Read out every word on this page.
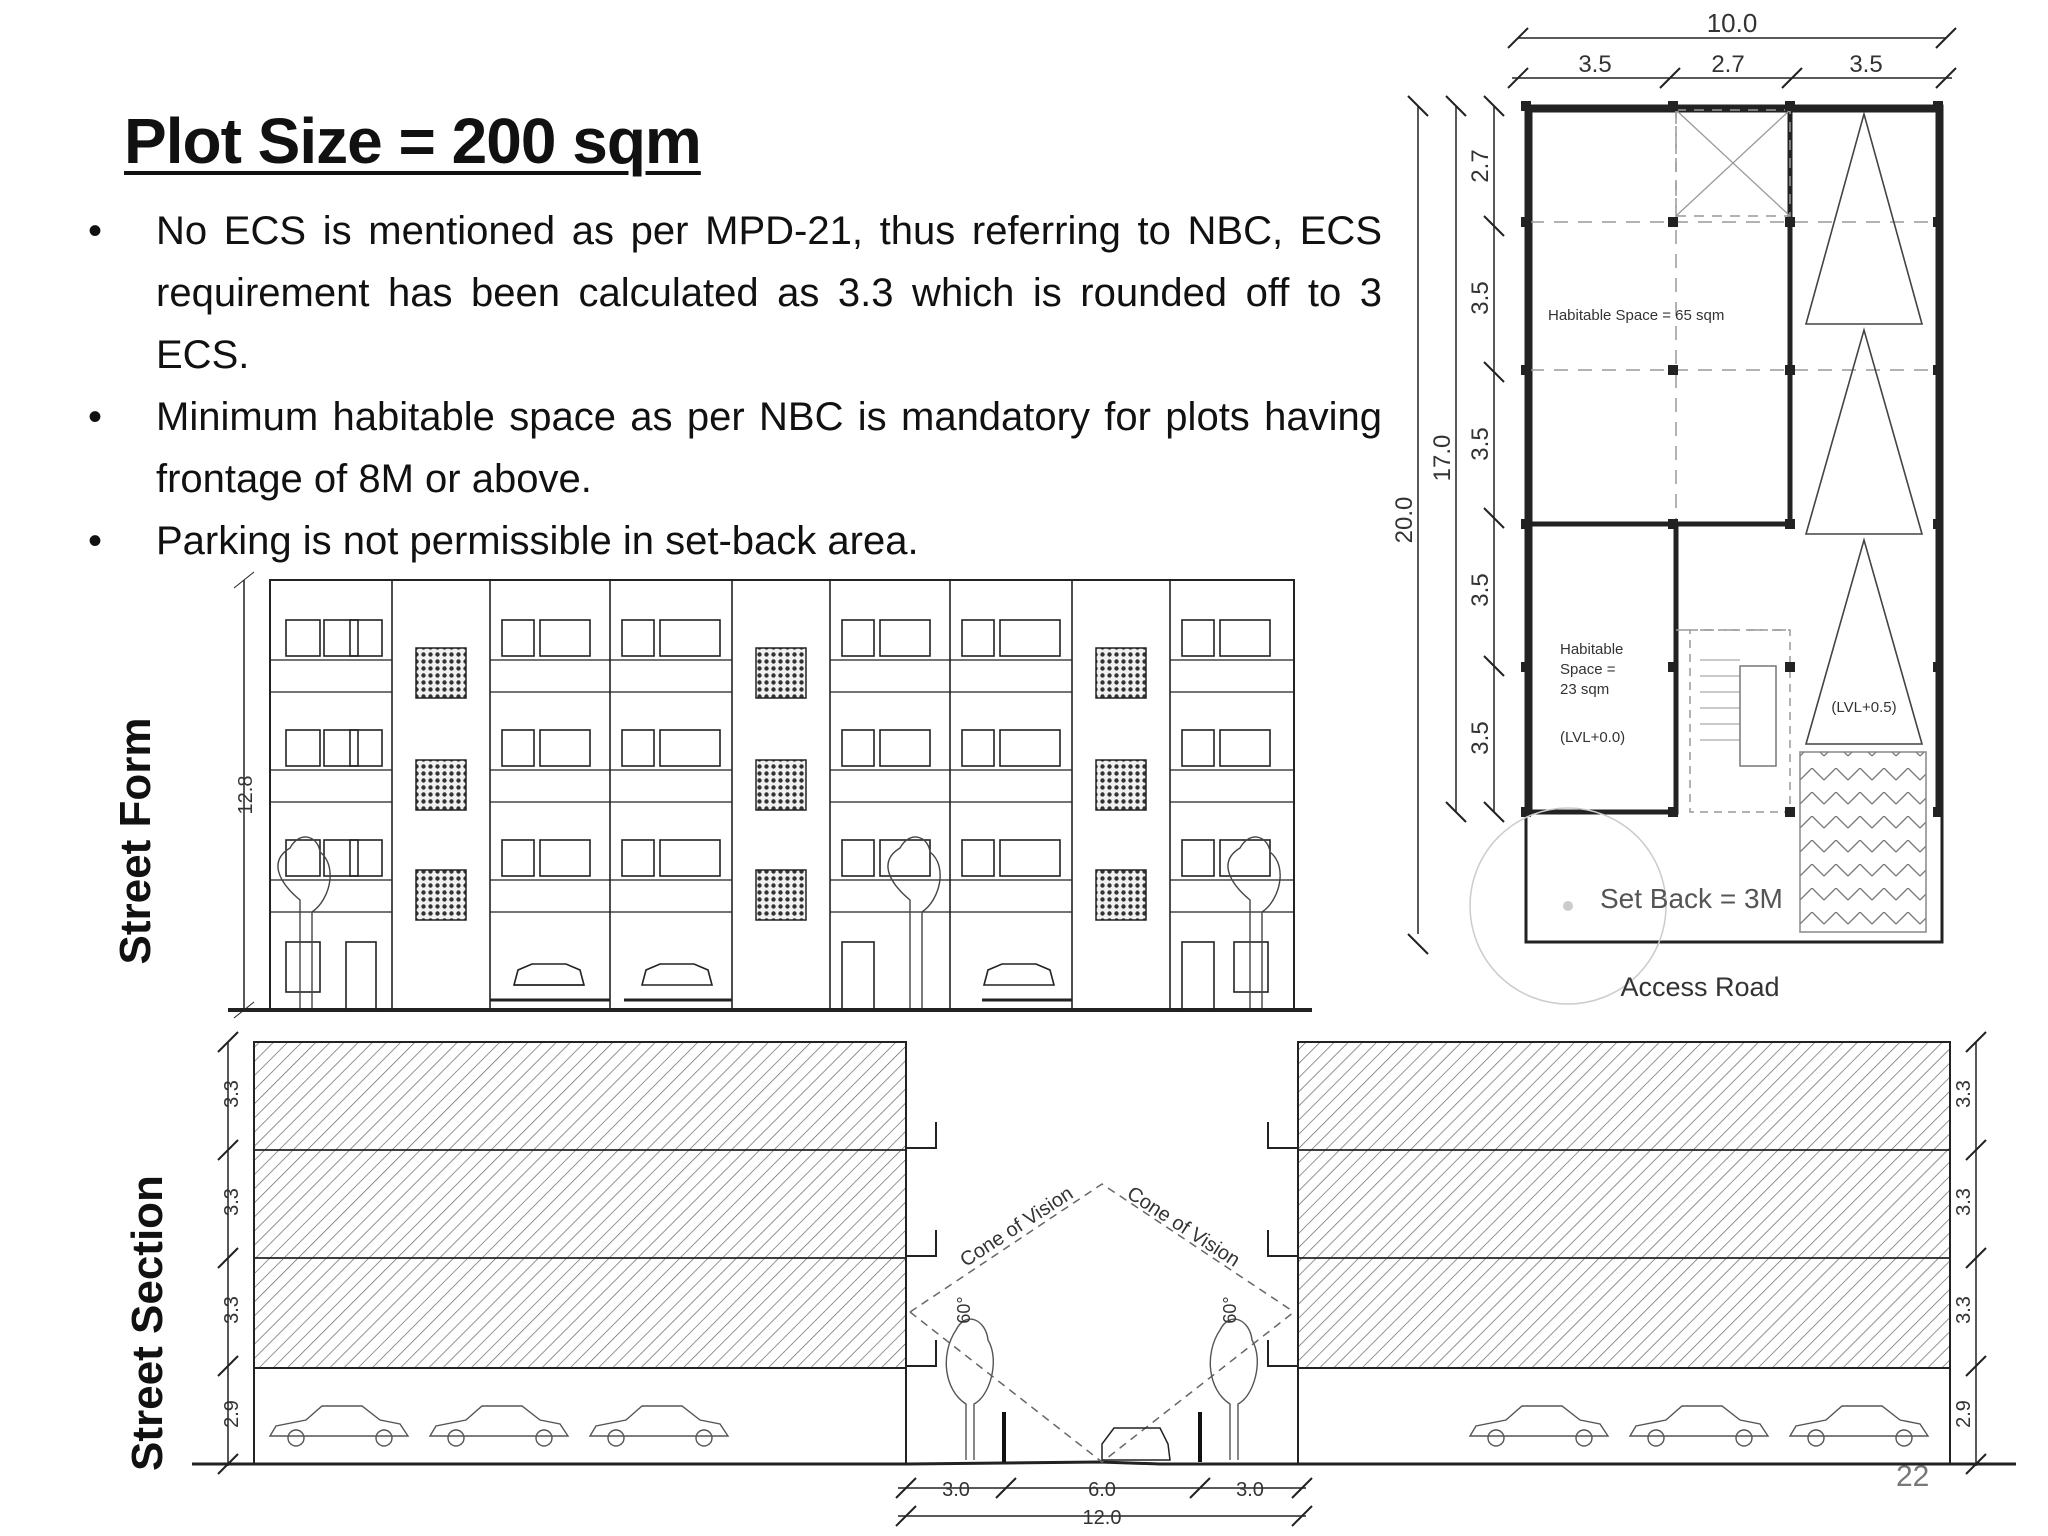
Plot Size = 200 sqm
• No ECS is mentioned as per MPD-21, thus referring to NBC, ECS requirement has been calculated as 3.3 which is rounded off to 3 ECS.
• Minimum habitable space as per NBC is mandatory for plots having frontage of 8M or above.
• Parking is not permissible in set-back area.
Street Form
Street Section
22
10.0
3.5	2.7	3.5
20.0
17.0
2.7
3.5
3.5
3.5
3.5
Habitable Space = 65 sqm
Habitable
Space =
23 sqm
(LVL+0.0)
(LVL+0.5)
Set Back = 3M
Access Road
12.8
3.3
3.3
3.3
2.9
3.3
3.3
3.3
2.9
Cone of Vision Cone of Vision
60°	60°
3.0	6.0	3.0
12.0
